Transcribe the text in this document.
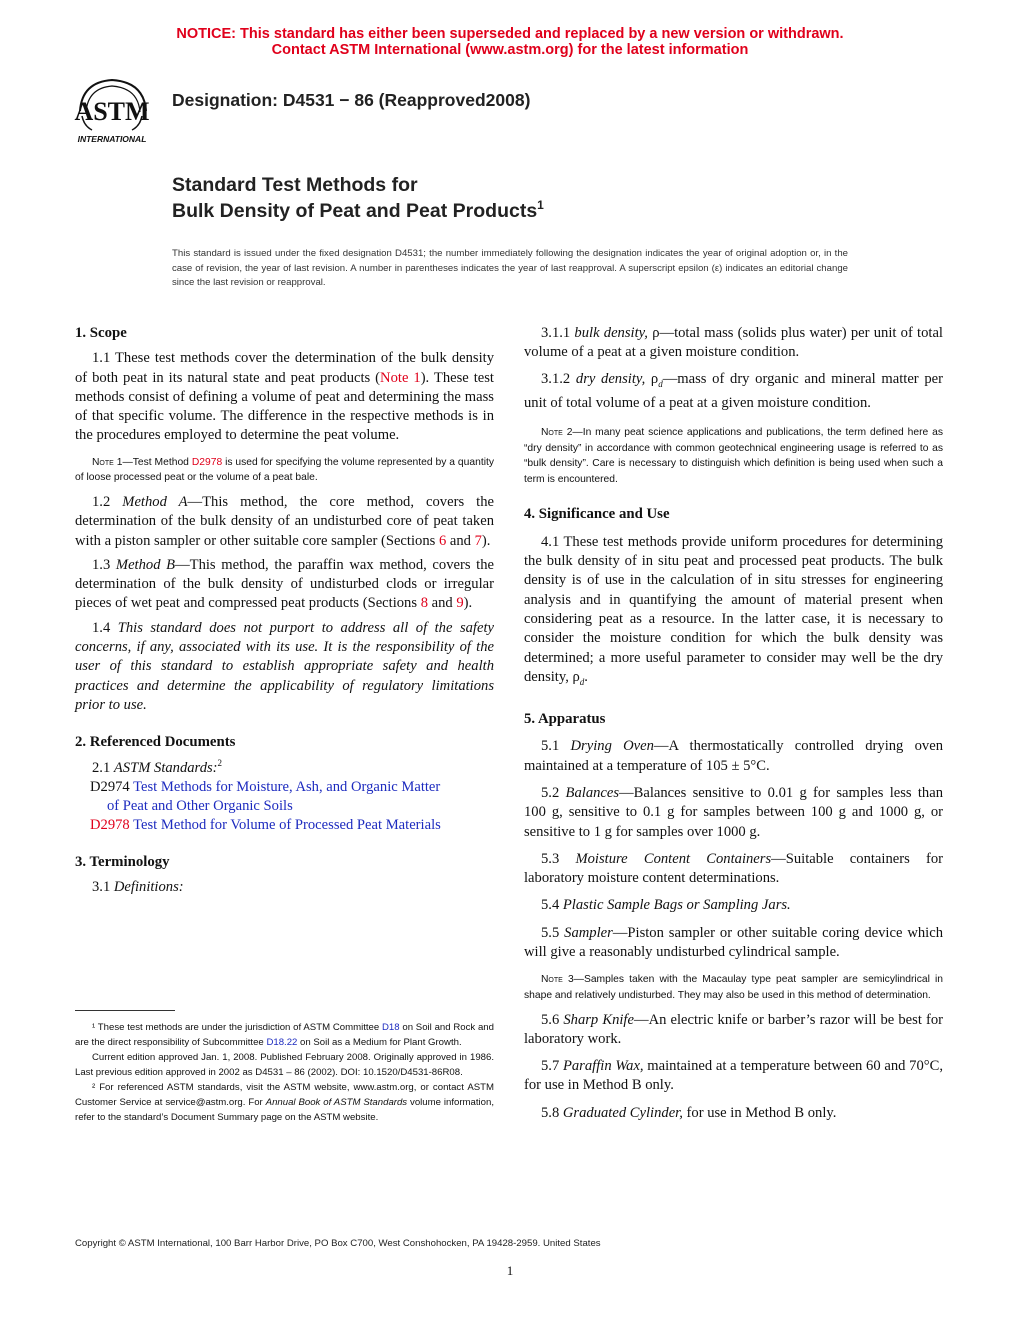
NOTICE: This standard has either been superseded and replaced by a new version or withdrawn.
Contact ASTM International (www.astm.org) for the latest information
ASTM
INTERNATIONAL
Designation: D4531 − 86 (Reapproved2008)
Standard Test Methods for
Bulk Density of Peat and Peat Products$^1$
This standard is issued under the fixed designation D4531; the number immediately following the designation indicates the year of original adoption or, in the case of revision, the year of last revision. A number in parentheses indicates the year of last reapproval. A superscript epsilon (ε) indicates an editorial change since the last revision or reapproval.

1. Scope

1.1 These test methods cover the determination of the bulk density of both peat in its natural state and peat products (Note 1). These test methods consist of defining a volume of peat and determining the mass of that specific volume. The difference in the respective methods is in the procedures employed to determine the peat volume.

Note 1—Test Method D2978 is used for specifying the volume represented by a quantity of loose processed peat or the volume of a peat bale.

1.2 Method A—This method, the core method, covers the determination of the bulk density of an undisturbed core of peat taken with a piston sampler or other suitable core sampler (Sections 6 and 7).

1.3 Method B—This method, the paraffin wax method, covers the determination of the bulk density of undisturbed clods or irregular pieces of wet peat and compressed peat products (Sections 8 and 9).

1.4 This standard does not purport to address all of the safety concerns, if any, associated with its use. It is the responsibility of the user of this standard to establish appropriate safety and health practices and determine the applicability of regulatory limitations prior to use.

2. Referenced Documents

2.1 ASTM Standards:$^2$

D2974 Test Methods for Moisture, Ash, and Organic Matter
of Peat and Other Organic Soils

D2978 Test Method for Volume of Processed Peat Materials

3. Terminology

3.1 Definitions:

¹ These test methods are under the jurisdiction of ASTM Committee D18 on Soil and Rock and are the direct responsibility of Subcommittee D18.22 on Soil as a Medium for Plant Growth.

Current edition approved Jan. 1, 2008. Published February 2008. Originally approved in 1986. Last previous edition approved in 2002 as D4531 – 86 (2002). DOI: 10.1520/D4531-86R08.

² For referenced ASTM standards, visit the ASTM website, www.astm.org, or contact ASTM Customer Service at service@astm.org. For Annual Book of ASTM Standards volume information, refer to the standard’s Document Summary page on the ASTM website.

3.1.1 bulk density, ρ—total mass (solids plus water) per unit of total volume of a peat at a given moisture condition.

3.1.2 dry density, $\rho_d—mass$ of dry organic and mineral matter per unit of total volume of a peat at a given moisture condition.

Note 2—In many peat science applications and publications, the term defined here as “dry density” in accordance with common geotechnical engineering usage is referred to as “bulk density”. Care is necessary to distinguish which definition is being used when such a term is encountered.

4. Significance and Use

4.1 These test methods provide uniform procedures for determining the bulk density of in situ peat and processed peat products. The bulk density is of use in the calculation of in situ stresses for engineering analysis and in quantifying the amount of material present when considering peat as a resource. In the latter case, it is necessary to consider the moisture condition for which the bulk density was determined; a more useful parameter to consider may well be the dry density, $\rho_d$.

5. Apparatus

5.1 Drying Oven—A thermostatically controlled drying oven maintained at a temperature of 105 ± 5°C.

5.2 Balances—Balances sensitive to 0.01 g for samples less than 100 g, sensitive to 0.1 g for samples between 100 g and 1000 g, or sensitive to 1 g for samples over 1000 g.

5.3 Moisture Content Containers—Suitable containers for laboratory moisture content determinations.

5.4 Plastic Sample Bags or Sampling Jars.

5.5 Sampler—Piston sampler or other suitable coring device which will give a reasonably undisturbed cylindrical sample.

Note 3—Samples taken with the Macaulay type peat sampler are semicylindrical in shape and relatively undisturbed. They may also be used in this method of determination.

5.6 Sharp Knife—An electric knife or barber’s razor will be best for laboratory work.

5.7 Paraffin Wax, maintained at a temperature between 60 and 70°C, for use in Method B only.

5.8 Graduated Cylinder, for use in Method B only.

Copyright © ASTM International, 100 Barr Harbor Drive, PO Box C700, West Conshohocken, PA 19428-2959. United States
1
